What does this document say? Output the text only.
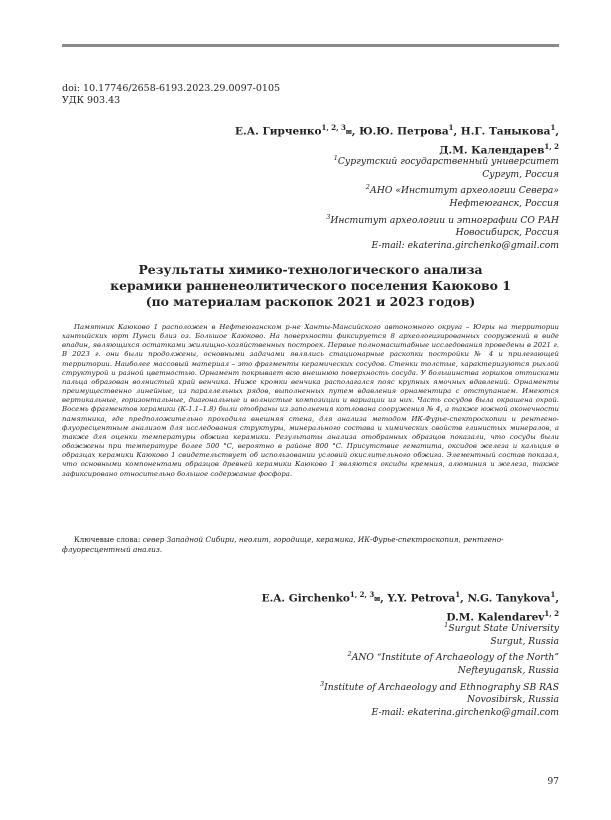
doi: 10.17746/2658-6193.2023.29.0097-0105
УДК 903.43
Е.А. Гирченко$^{1, 2, 3}$✉, Ю.Ю. Петрова$^1$, Н.Г. Таныкова$^1$,
Д.М. Календарев$^{1, 2}$
$^1$Сургутский государственный университет
Сургут, Россия
$^2$АНО «Институт археологии Севера»
Нефтеюганск, Россия
$^3$Институт археологии и этнографии СО РАН
Новосибирск, Россия
E-mail: ekaterina.girchenko@gmail.com
Результаты химико-технологического анализа
керамики ранненеолитического поселения Каюково 1
(по материалам раскопок 2021 и 2023 годов)

Памятник Каюково 1 расположен в Нефтеюганском р-не Ханты-Мансийского автономного округа – Югры на территории хантыйских юрт Пунси близ оз. Большое Каюково. На поверхности фиксируется 8 археологизированных сооружений в виде впадин, являющихся остатками жилищно-хозяйственных построек. Первые полномасштабные исследования проведены в 2021 г. В 2023 г. они были продолжены, основными задачами являлись стационарные раскопки постройки № 4 и прилегающей территории. Наиболее массовый материал – это фрагменты керамических сосудов. Стенки толстые, характеризуются рыхлой структурой и разной цветностью. Орнамент покрывает всю внешнюю поверхность сосуда. У большинства горшков оттисками пальца образован волнистый край венчика. Ниже кромки венчика располагался пояс крупных ямочных вдавлений. Орнаменты преимущественно линейные, из параллельных рядов, выполненных путем вдавления орнаментира с отступанием. Имеются вертикальные, горизонтальные, диагональные и волнистые композиции и вариации из них. Часть сосудов была окрашена охрой. Восемь фрагментов керамики (К-1.1–1.8) были отобраны из заполнения котлована сооружения № 4, а также южной оконечности памятника, где предположительно проходила внешняя стена, для анализа методом ИК-Фурье-спектроскопии и рентгено-флуоресцентным анализом для исследования структуры, минерального состава и химических свойств глинистых минералов, а также для оценки температуры обжига керамики. Результаты анализа отобранных образцов показали, что сосуды были обожжены при температуре более 500 °C, вероятно в районе 800 °C. Присутствие гематита, оксидов железа и кальция в образцах керамики Каюково 1 свидетельствует об использовании условий окислительного обжига. Элементный состав показал, что основными компонентами образцов древней керамики Каюково 1 являются оксиды кремния, алюминия и железа, также зафиксировано относительно большое содержание фосфора.

Ключевые слова: север Западной Сибири, неолит, городище, керамика, ИК-Фурье-спектроскопия, рентгено-флуоресцентный анализ.

E.A. Girchenko$^{1, 2, 3}$✉, Y.Y. Petrova$^1$, N.G. Tanykova$^1$,
D.M. Kalendarev$^{1, 2}$
$^1$Surgut State University
Surgut, Russia
$^2$ANO “Institute of Archaeology of the North”
Nefteyugansk, Russia
$^3$Institute of Archaeology and Ethnography SB RAS
Novosibirsk, Russia
E-mail: ekaterina.girchenko@gmail.com
97
